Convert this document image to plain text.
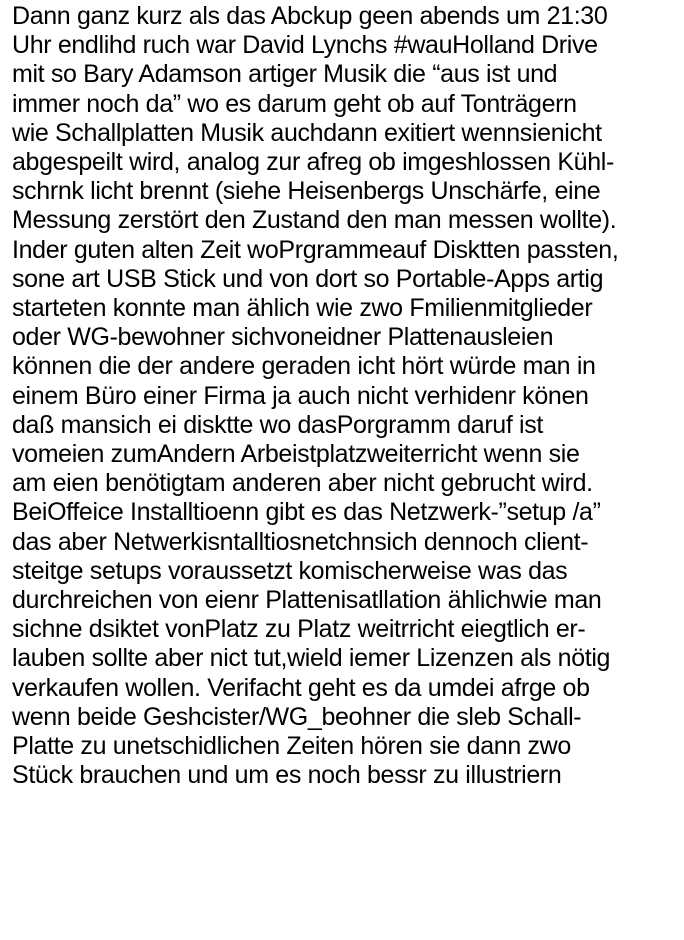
Dann ganz kurz als das Abckup geen abends um 21:30
Uhr endlihd ruch war David Lynchs #wauHolland Drive
mit so Bary Adamson artiger Musik die “aus ist und
immer noch da” wo es darum geht ob auf Tonträgern
wie Schallplatten Musik auchdann exitiert wennsienicht
abgespeilt wird, analog zur afreg ob imgeshlossen Kühl-
schrnk licht brennt (siehe Heisenbergs Unschärfe, eine
Messung zerstört den Zustand den man messen wollte).
Inder guten alten Zeit woPrgrammeauf Disktten passten,
sone art USB Stick und von dort so Portable-Apps artig
starteten konnte man ählich wie zwo Fmilienmitglieder
oder WG-bewohner sichvoneidner Plattenausleien
können die der andere geraden icht hört würde man in
einem Büro einer Firma ja auch nicht verhidenr könen
daß mansich ei disktte wo dasPorgramm daruf ist
vomeien zumAndern Arbeistplatzweiterricht wenn sie
am eien benötigtam anderen aber nicht gebrucht wird.
BeiOffeice Installtioenn gibt es das Netzwerk-”setup /a”
das aber Netwerkisntalltiosnetchnsich dennoch client-
steitge setups voraussetzt komischerweise was das
durchreichen von eienr Plattenisatllation ählichwie man
sichne dsiktet vonPlatz zu Platz weitrricht eiegtlich er-
lauben sollte aber nict tut,wield iemer Lizenzen als nötig
verkaufen wollen. Verifacht geht es da umdei afrge ob
wenn beide Geshcister/WG_beohner die sleb Schall-
Platte zu unetschidlichen Zeiten hören sie dann zwo
Stück brauchen und um es noch bessr zu illustriern
